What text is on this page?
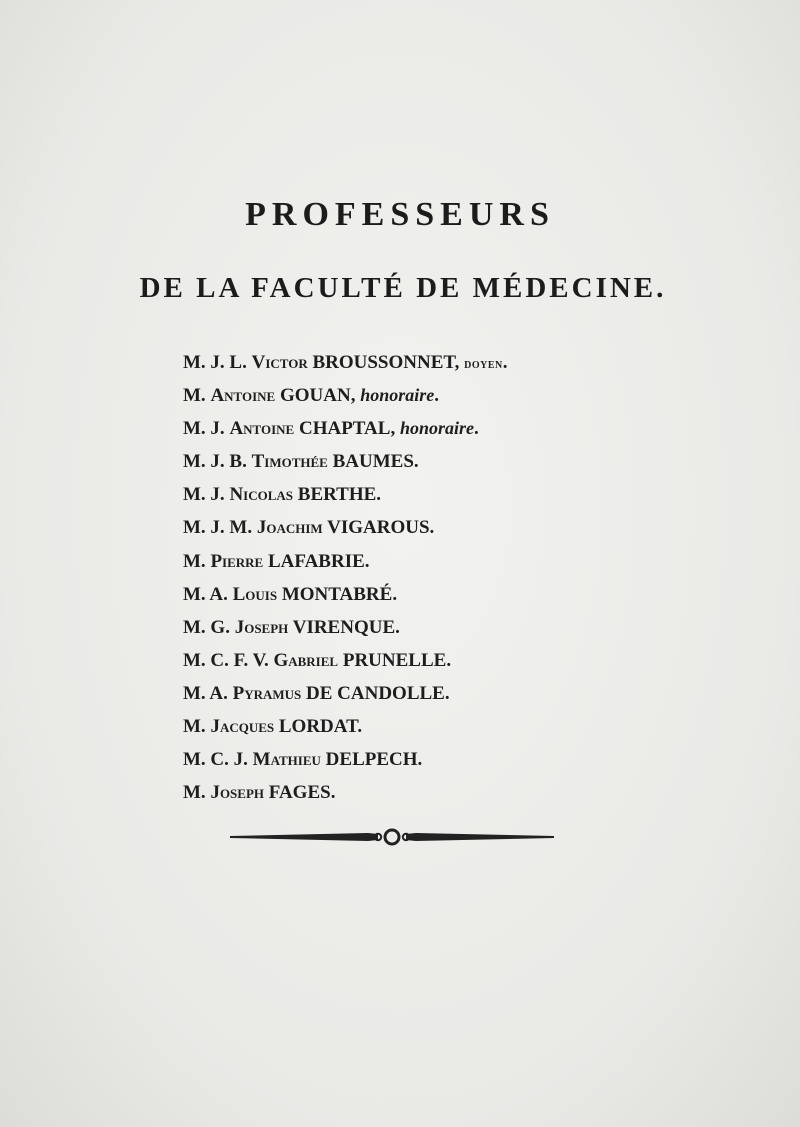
PROFESSEURS
DE LA FACULTÉ DE MÉDECINE.
M. J. L. Victor BROUSSONNET, doyen.
M. Antoine GOUAN, honoraire.
M. J. Antoine CHAPTAL, honoraire.
M. J. B. Timothée BAUMES.
M. J. Nicolas BERTHE.
M. J. M. Joachim VIGAROUS.
M. Pierre LAFABRIE.
M. A. Louis MONTABRÉ.
M. G. Joseph VIRENQUE.
M. C. F. V. Gabriel PRUNELLE.
M. A. Pyramus DE CANDOLLE.
M. Jacques LORDAT.
M. C. J. Mathieu DELPECH.
M. Joseph FAGES.
